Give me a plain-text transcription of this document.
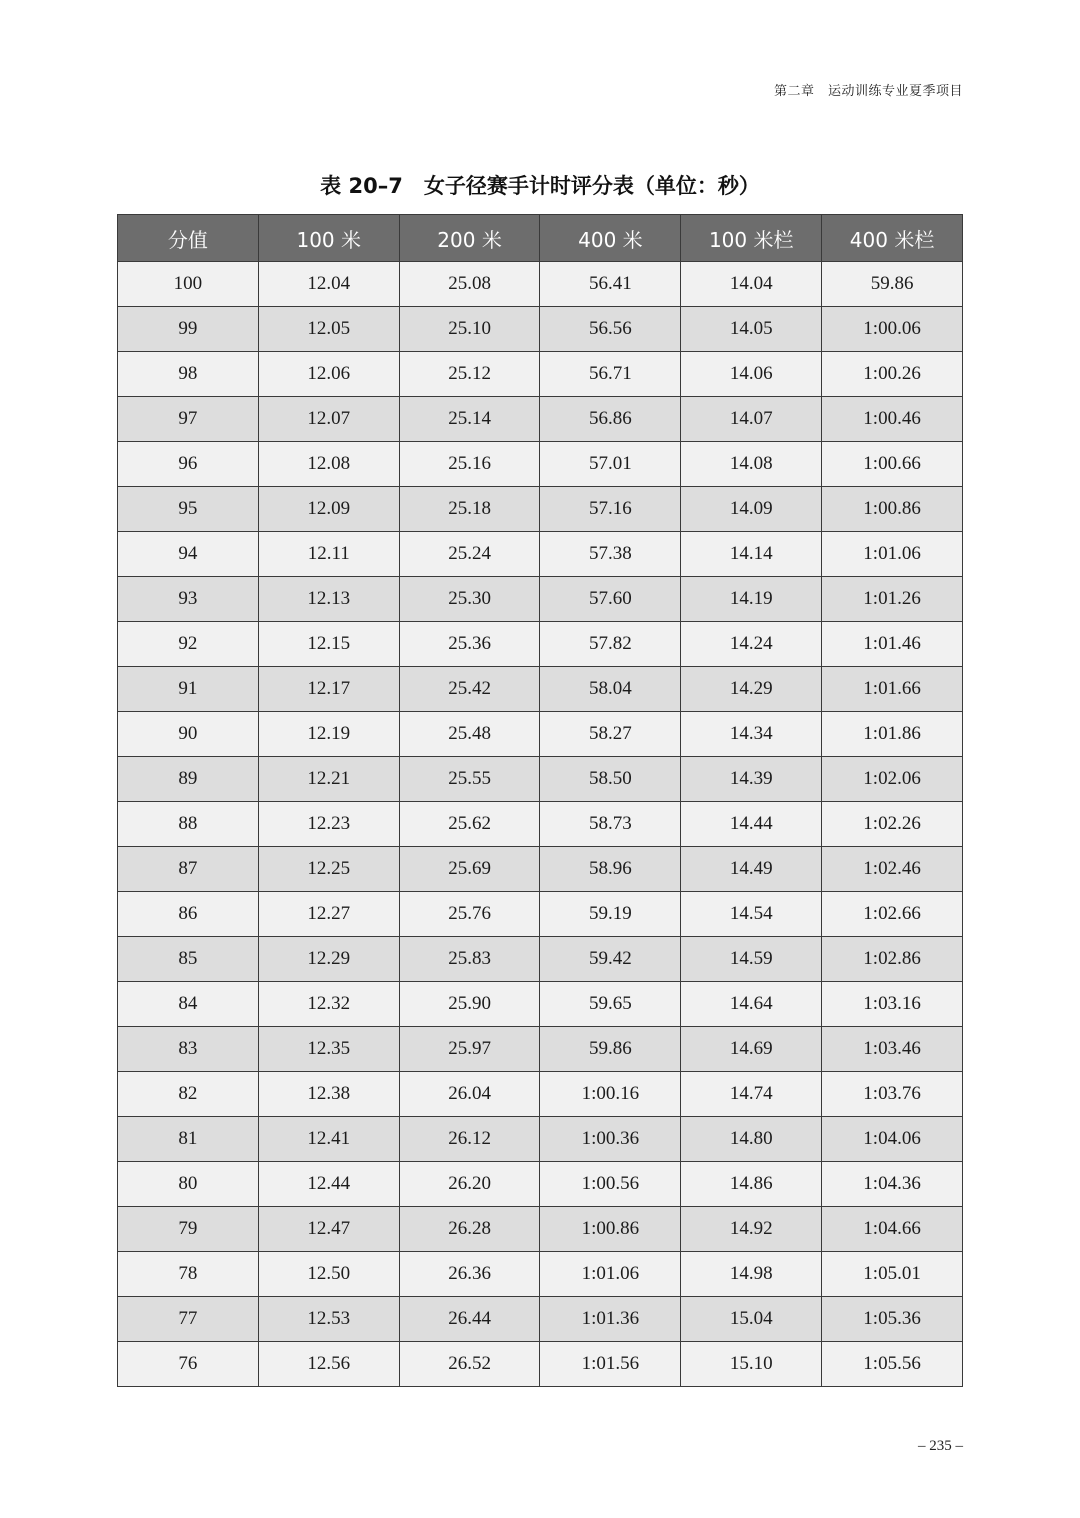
第二章　运动训练专业夏季项目
表 20–7　女子径赛手计时评分表（单位：秒）
分值	100 米	200 米	400 米	100 米栏	400 米栏
100	12.04	25.08	56.41	14.04	59.86
99	12.05	25.10	56.56	14.05	1:00.06
98	12.06	25.12	56.71	14.06	1:00.26
97	12.07	25.14	56.86	14.07	1:00.46
96	12.08	25.16	57.01	14.08	1:00.66
95	12.09	25.18	57.16	14.09	1:00.86
94	12.11	25.24	57.38	14.14	1:01.06
93	12.13	25.30	57.60	14.19	1:01.26
92	12.15	25.36	57.82	14.24	1:01.46
91	12.17	25.42	58.04	14.29	1:01.66
90	12.19	25.48	58.27	14.34	1:01.86
89	12.21	25.55	58.50	14.39	1:02.06
88	12.23	25.62	58.73	14.44	1:02.26
87	12.25	25.69	58.96	14.49	1:02.46
86	12.27	25.76	59.19	14.54	1:02.66
85	12.29	25.83	59.42	14.59	1:02.86
84	12.32	25.90	59.65	14.64	1:03.16
83	12.35	25.97	59.86	14.69	1:03.46
82	12.38	26.04	1:00.16	14.74	1:03.76
81	12.41	26.12	1:00.36	14.80	1:04.06
80	12.44	26.20	1:00.56	14.86	1:04.36
79	12.47	26.28	1:00.86	14.92	1:04.66
78	12.50	26.36	1:01.06	14.98	1:05.01
77	12.53	26.44	1:01.36	15.04	1:05.36
76	12.56	26.52	1:01.56	15.10	1:05.56
– 235 –
